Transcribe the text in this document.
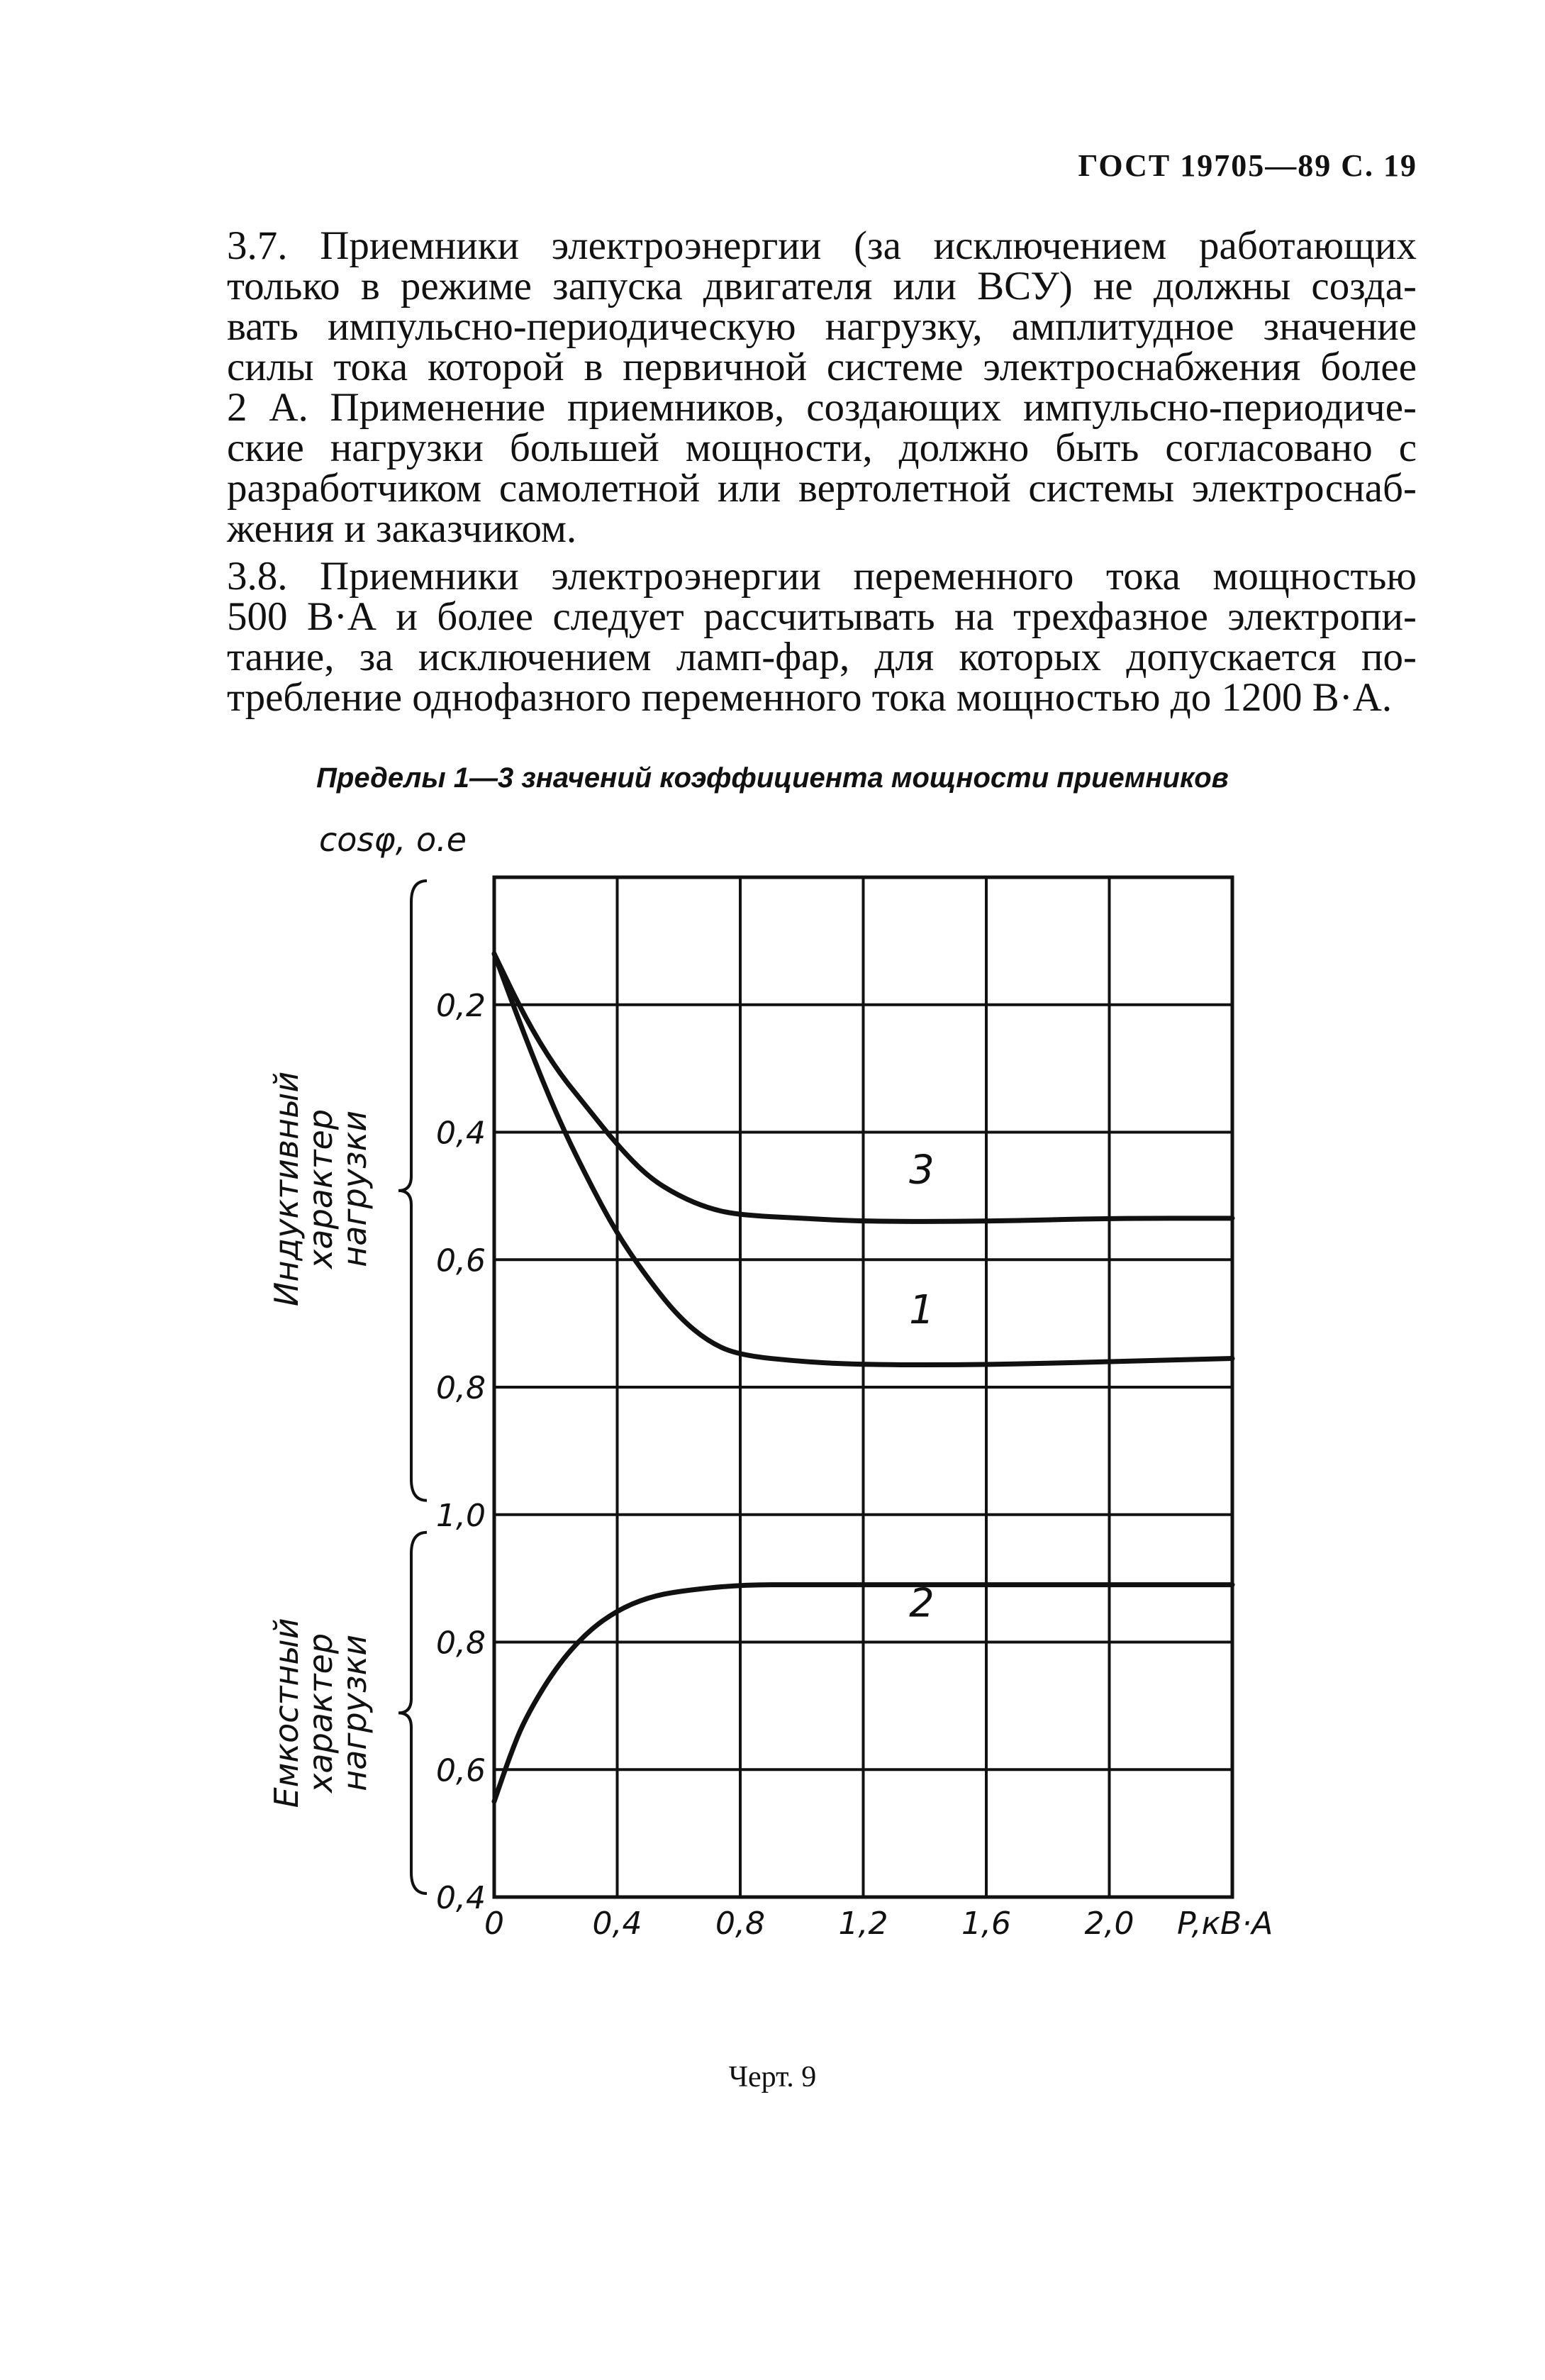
ГОСТ 19705—89 С. 19

3.7. Приемники электроэнергии (за исключением работающих
только в режиме запуска двигателя или ВСУ) не должны созда-
вать импульсно-периодическую нагрузку, амплитудное значение
силы тока которой в первичной системе электроснабжения более
2 А. Применение приемников, создающих импульсно-периодиче-
ские нагрузки большей мощности, должно быть согласовано с
разработчиком самолетной или вертолетной системы электроснаб-
жения и заказчиком.

3.8. Приемники электроэнергии переменного тока мощностью
500 В·А и более следует рассчитывать на трехфазное электропи-
тание, за исключением ламп-фар, для которых допускается по-
требление однофазного переменного тока мощностью до 1200 В·А.

Пределы 1—3 значений коэффициента мощности приемников
Индуктивный
характер
нагрузки
Емкостный
характер
нагрузки
0	0,4 0,8 1,2 1,6 2,0
0,2
0,4
0,6
0,8
1,0
0,8
0,6
0,4
3
1
2
cosφ, о.е
P,кВ·А
Черт. 9
